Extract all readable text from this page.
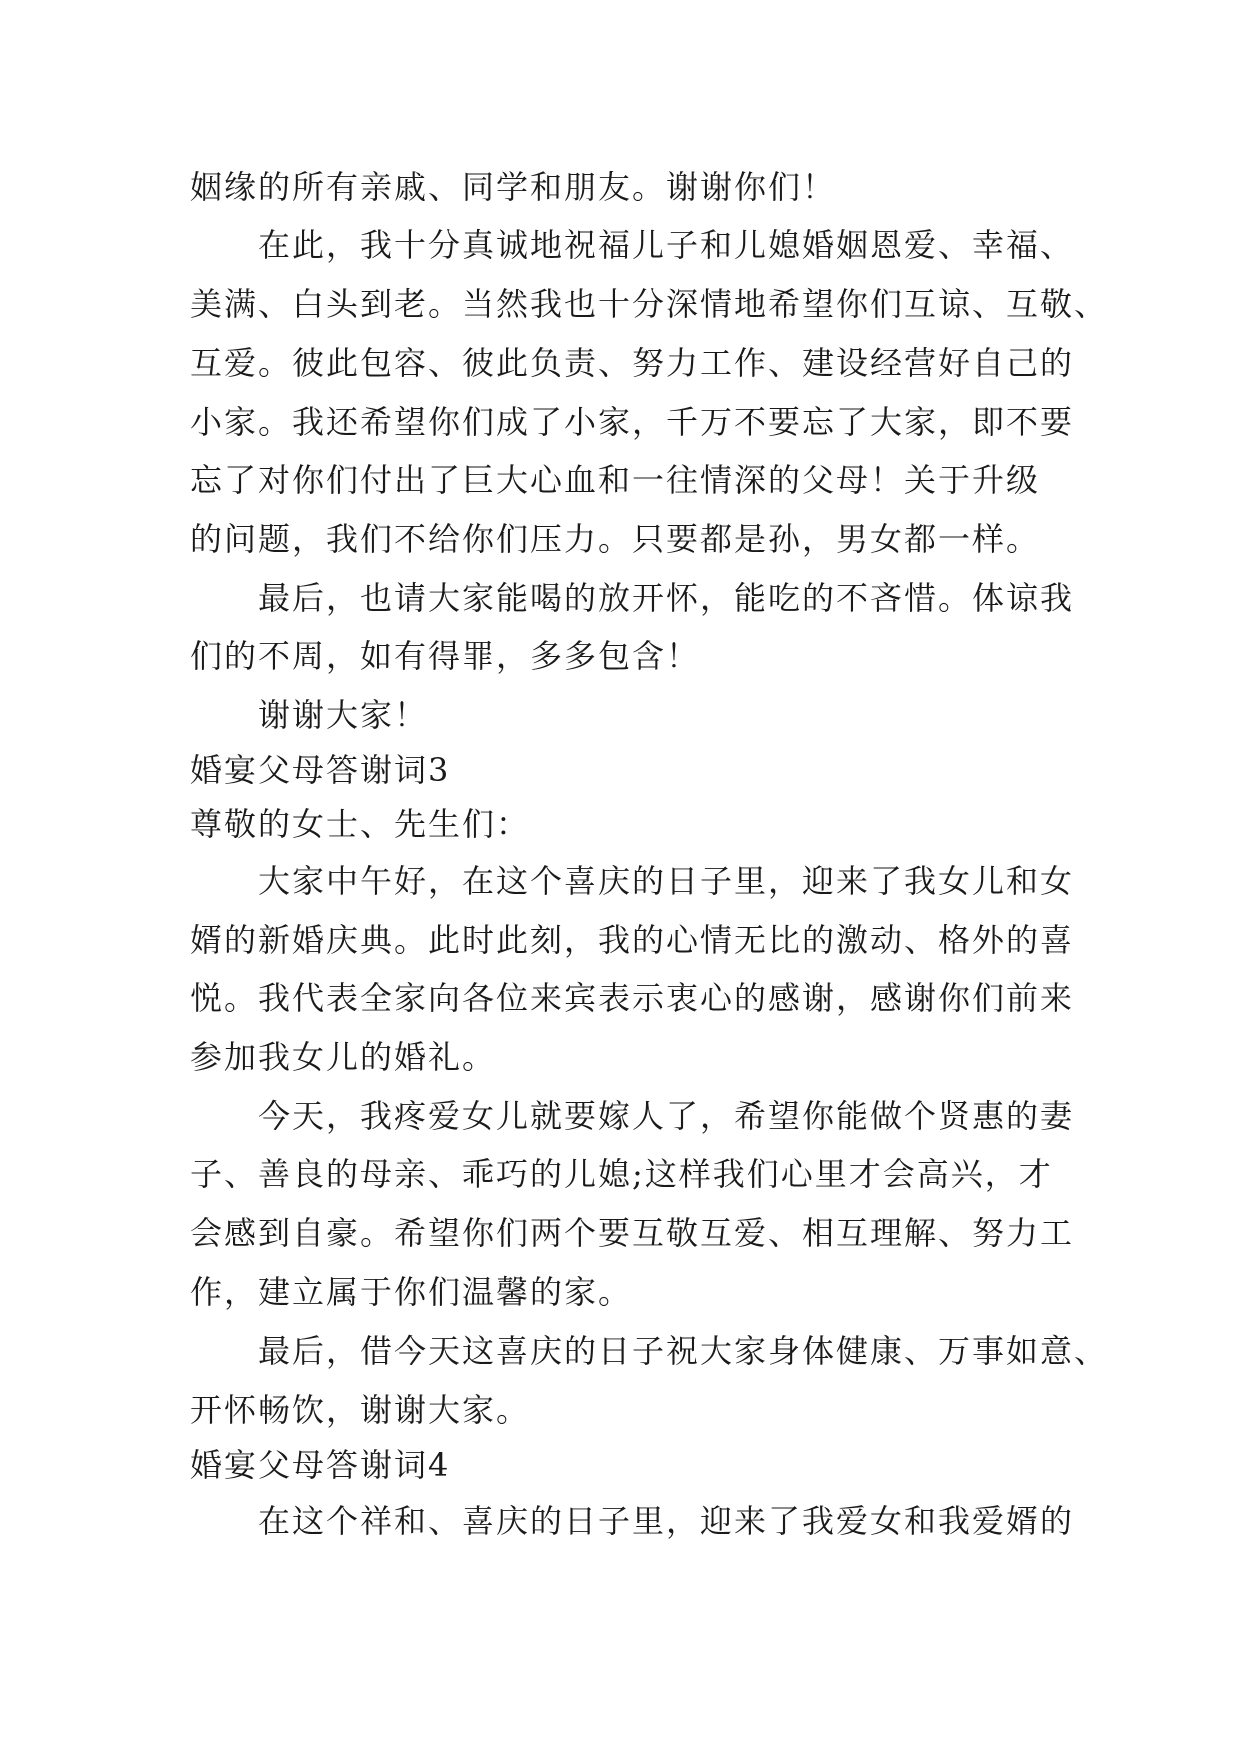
姻缘的所有亲戚、同学和朋友。谢谢你们！
在此，我十分真诚地祝福儿子和儿媳婚姻恩爱、幸福、
美满、白头到老。当然我也十分深情地希望你们互谅、互敬、
互爱。彼此包容、彼此负责、努力工作、建设经营好自己的
小家。我还希望你们成了小家，千万不要忘了大家，即不要
忘了对你们付出了巨大心血和一往情深的父母！关于升级
的问题，我们不给你们压力。只要都是孙，男女都一样。
最后，也请大家能喝的放开怀，能吃的不吝惜。体谅我
们的不周，如有得罪，多多包含！
谢谢大家！
婚宴父母答谢词3
尊敬的女士、先生们：
大家中午好，在这个喜庆的日子里，迎来了我女儿和女
婿的新婚庆典。此时此刻，我的心情无比的激动、格外的喜
悦。我代表全家向各位来宾表示衷心的感谢，感谢你们前来
参加我女儿的婚礼。
今天，我疼爱女儿就要嫁人了，希望你能做个贤惠的妻
子、善良的母亲、乖巧的儿媳;这样我们心里才会高兴，才
会感到自豪。希望你们两个要互敬互爱、相互理解、努力工
作，建立属于你们温馨的家。
最后，借今天这喜庆的日子祝大家身体健康、万事如意、
开怀畅饮，谢谢大家。
婚宴父母答谢词4
在这个祥和、喜庆的日子里，迎来了我爱女和我爱婿的
